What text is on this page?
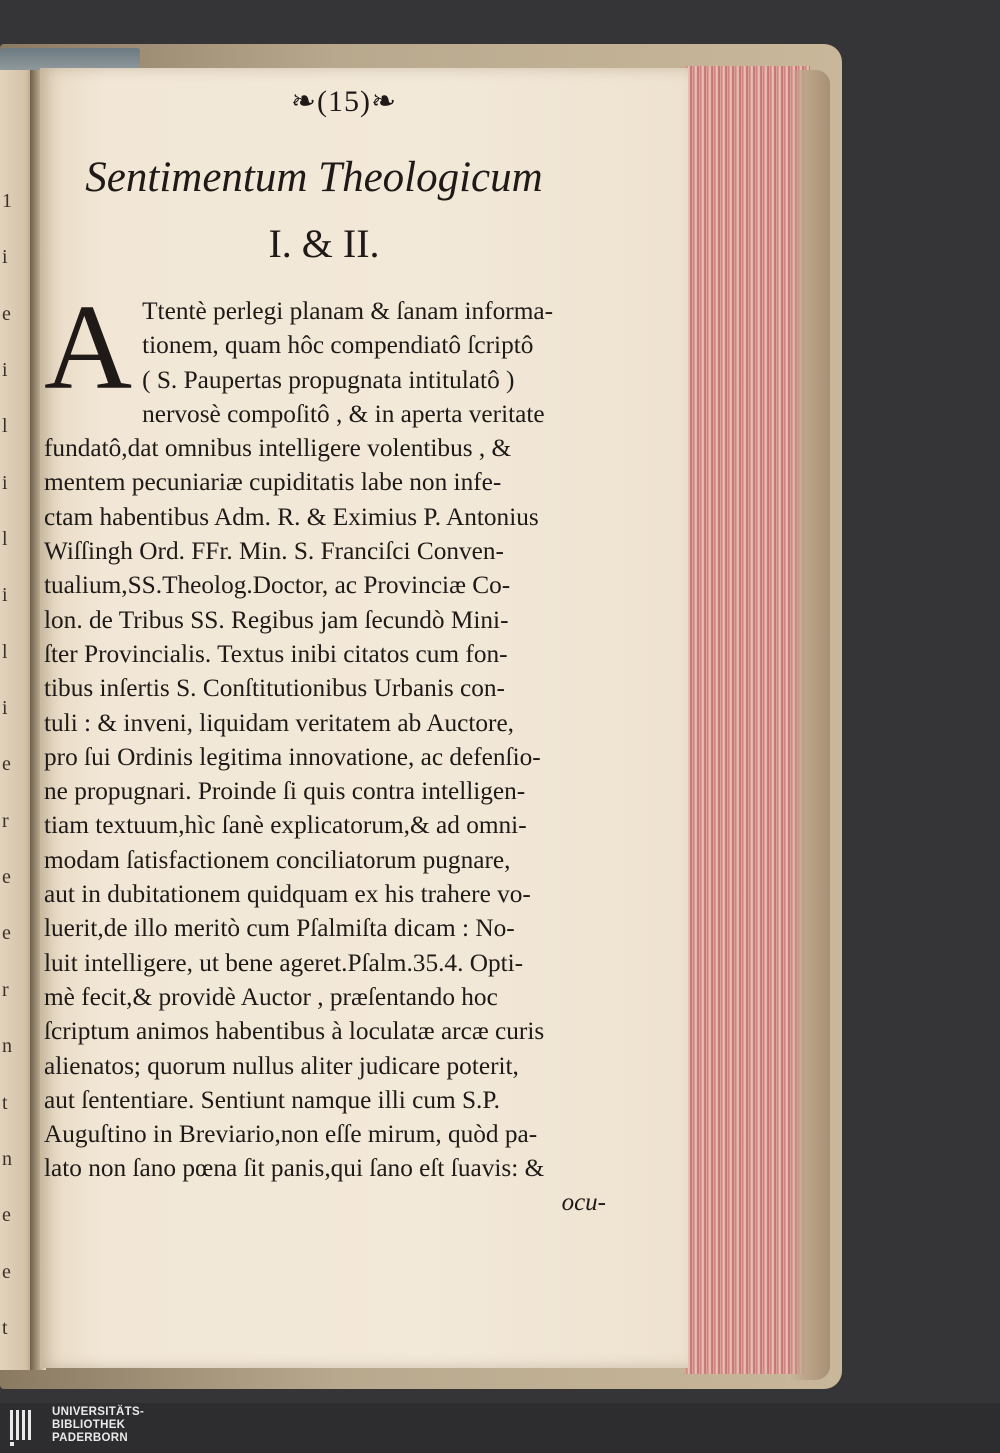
1
i
e
i
l
i
l
i
l
i
e
r
e
e
r
n
t
n
e
e
t
❧(15)❧
Sentimentum Theologicum
I. & II.
A Ttentè perlegi planam & ſanam informa-
tionem, quam hôc compendiatô ſcriptô
( S. Paupertas propugnata intitulatô )
nervosè compoſitô , & in aperta veritate
fundatô,dat omnibus intelligere volentibus , &
mentem pecuniariæ cupiditatis labe non infe-
ctam habentibus Adm. R. & Eximius P. Antonius
Wiſſingh Ord. FFr. Min. S. Franciſci Conven-
tualium,SS.Theolog.Doctor, ac Provinciæ Co-
lon. de Tribus SS. Regibus jam ſecundò Mini-
ſter Provincialis. Textus inibi citatos cum fon-
tibus inſertis S. Conſtitutionibus Urbanis con-
tuli : & inveni, liquidam veritatem ab Auctore,
pro ſui Ordinis legitima innovatione, ac defenſio-
ne propugnari. Proinde ſi quis contra intelligen-
tiam textuum,hìc ſanè explicatorum,& ad omni-
modam ſatisfactionem conciliatorum pugnare,
aut in dubitationem quidquam ex his trahere vo-
luerit,de illo meritò cum Pſalmiſta dicam : No-
luit intelligere, ut bene ageret.Pſalm.35.4. Opti-
mè fecit,& providè Auctor , præſentando hoc
ſcriptum animos habentibus à loculatæ arcæ curis
alienatos; quorum nullus aliter judicare poterit,
aut ſententiare. Sentiunt namque illi cum S.P.
Auguſtino in Breviario,non eſſe mirum, quòd pa-
lato non ſano pœna ſit panis,qui ſano eſt ſuavis: &
ocu-
UNIVERSITÄTS-
BIBLIOTHEK
PADERBORN
